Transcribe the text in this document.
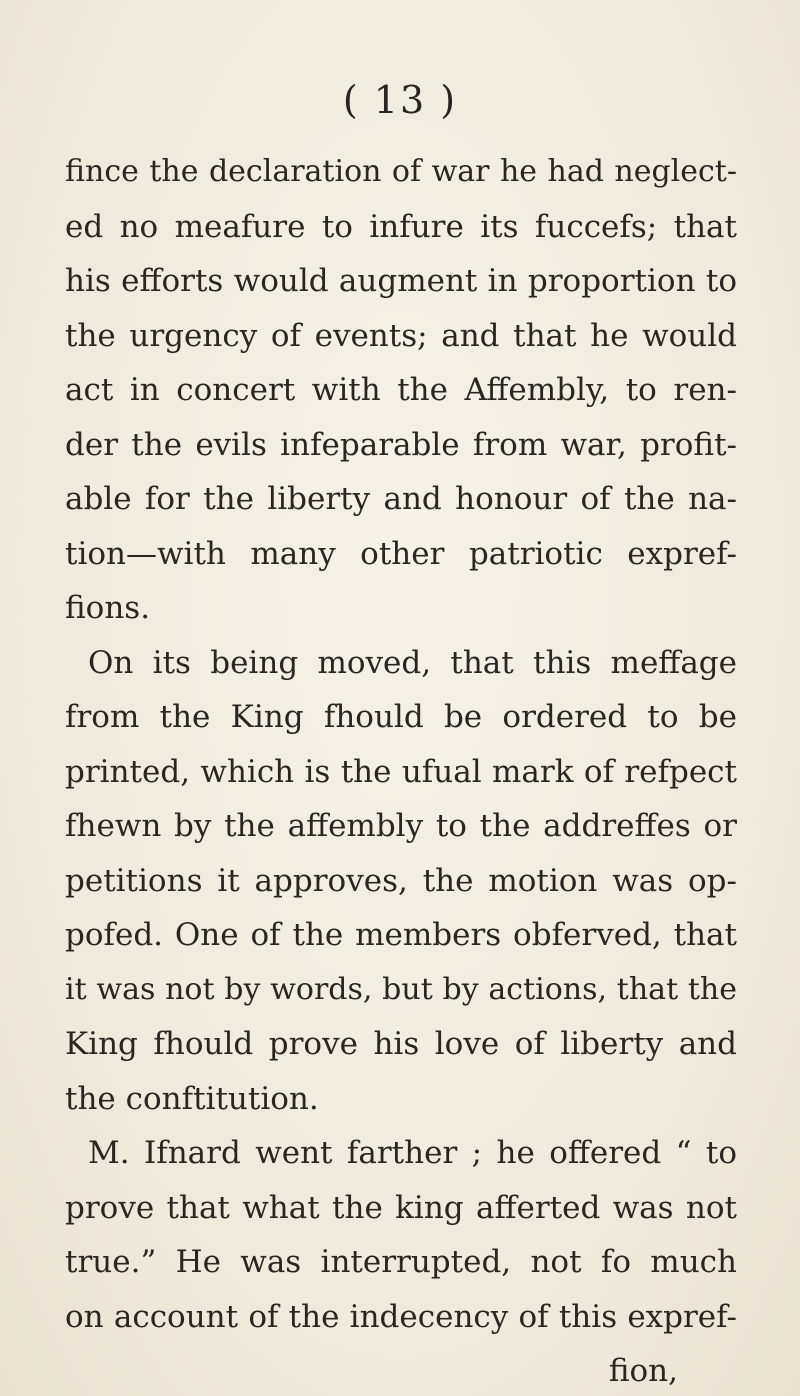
( 13 )
fince the declaration of war he had neglect-
ed no meafure to infure its fuccefs; that
his efforts would augment in proportion to
the urgency of events; and that he would
act in concert with the Affembly, to ren-
der the evils infeparable from war, profit-
able for the liberty and honour of the na-
tion—with many other patriotic expref-
fions.
On its being moved, that this meffage
from the King fhould be ordered to be
printed, which is the ufual mark of refpect
fhewn by the affembly to the addreffes or
petitions it approves, the motion was op-
pofed. One of the members obferved, that
it was not by words, but by actions, that the
King fhould prove his love of liberty and
the conftitution.
M. Ifnard went farther ; he offered “ to
prove that what the king afferted was not
true.” He was interrupted, not fo much
on account of the indecency of this expref-
fion,
